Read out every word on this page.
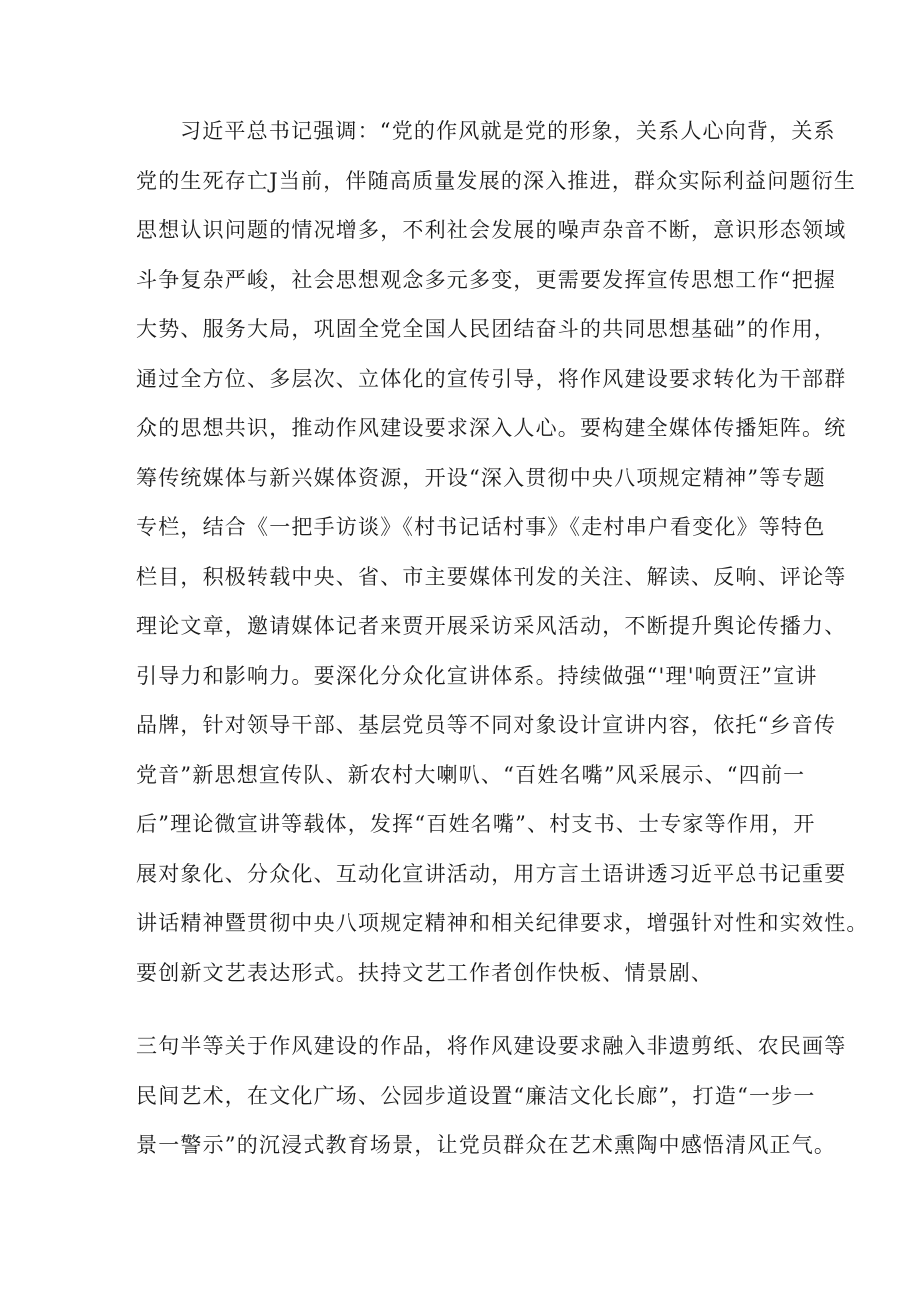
习近平总书记强调：“党的作风就是党的形象，关系人心向背，关系
党的生死存亡J当前，伴随高质量发展的深入推进，群众实际利益问题衍生
思想认识问题的情况增多，不利社会发展的噪声杂音不断，意识形态领域
斗争复杂严峻，社会思想观念多元多变，更需要发挥宣传思想工作“把握
大势、服务大局，巩固全党全国人民团结奋斗的共同思想基础”的作用，
通过全方位、多层次、立体化的宣传引导，将作风建设要求转化为干部群
众的思想共识，推动作风建设要求深入人心。要构建全媒体传播矩阵。统
筹传统媒体与新兴媒体资源，开设“深入贯彻中央八项规定精神”等专题
专栏，结合《一把手访谈》《村书记话村事》《走村串户看变化》等特色
栏目，积极转载中央、省、市主要媒体刊发的关注、解读、反响、评论等
理论文章，邀请媒体记者来贾开展采访采风活动，不断提升舆论传播力、
引导力和影响力。要深化分众化宣讲体系。持续做强“'理'响贾汪”宣讲
品牌，针对领导干部、基层党员等不同对象设计宣讲内容，依托“乡音传
党音”新思想宣传队、新农村大喇叭、“百姓名嘴”风采展示、“四前一
后”理论微宣讲等载体，发挥“百姓名嘴”、村支书、士专家等作用，开
展对象化、分众化、互动化宣讲活动，用方言土语讲透习近平总书记重要
讲话精神暨贯彻中央八项规定精神和相关纪律要求，增强针对性和实效性。
要创新文艺表达形式。扶持文艺工作者创作快板、情景剧、
三句半等关于作风建设的作品，将作风建设要求融入非遗剪纸、农民画等
民间艺术，在文化广场、公园步道设置“廉洁文化长廊”，打造“一步一
景一警示”的沉浸式教育场景，让党员群众在艺术熏陶中感悟清风正气。
